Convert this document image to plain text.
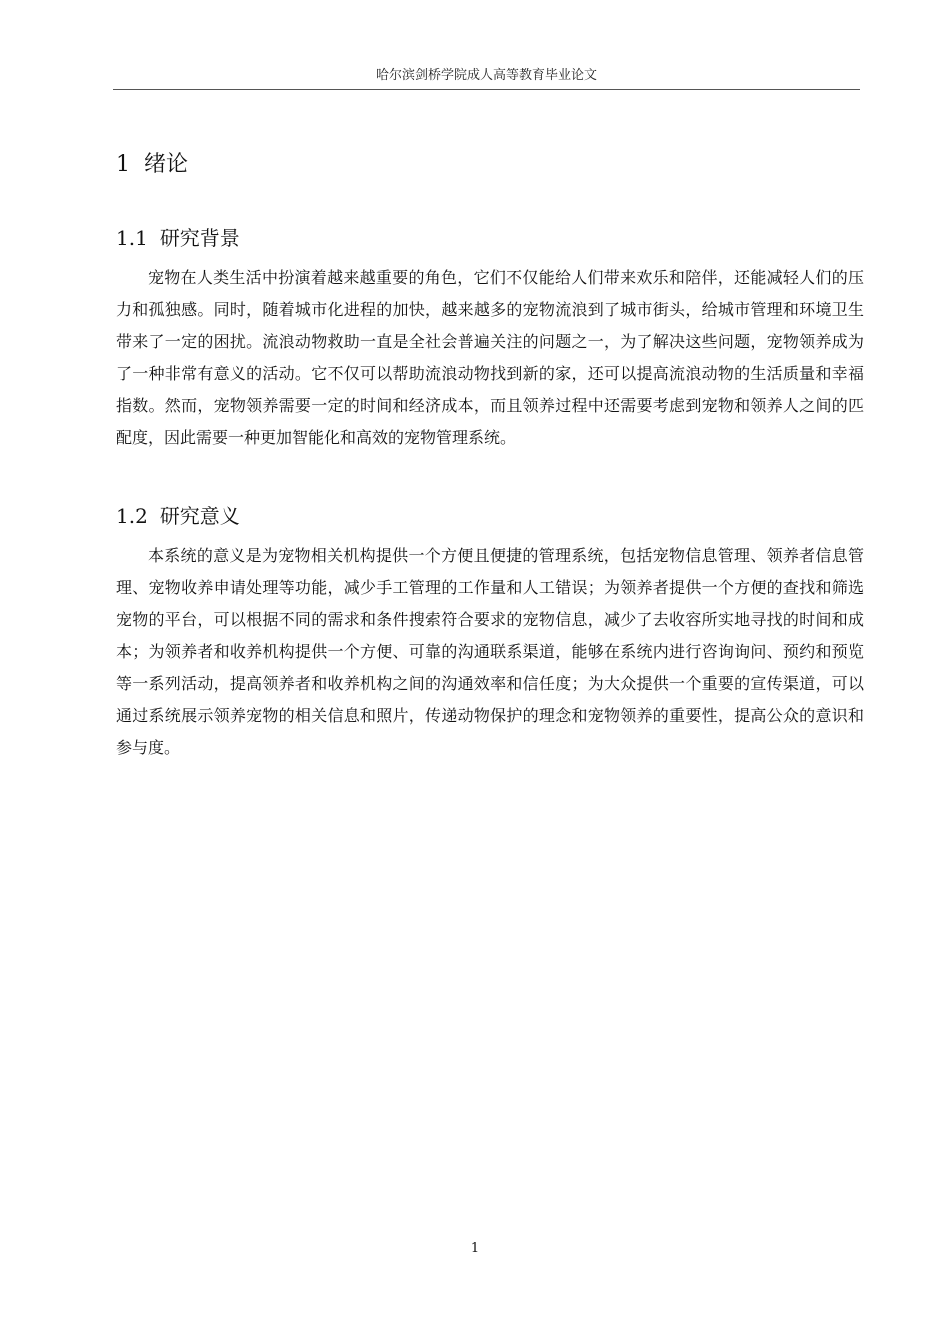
哈尔滨剑桥学院成人高等教育毕业论文
1 绪论
1.1 研究背景

宠物在人类生活中扮演着越来越重要的角色，它们不仅能给人们带来欢乐和陪伴，还能减轻人们的压力和孤独感。同时，随着城市化进程的加快，越来越多的宠物流浪到了城市街头，给城市管理和环境卫生带来了一定的困扰。流浪动物救助一直是全社会普遍关注的问题之一，为了解决这些问题，宠物领养成为了一种非常有意义的活动。它不仅可以帮助流浪动物找到新的家，还可以提高流浪动物的生活质量和幸福指数。然而，宠物领养需要一定的时间和经济成本，而且领养过程中还需要考虑到宠物和领养人之间的匹配度，因此需要一种更加智能化和高效的宠物管理系统。

1.2 研究意义

本系统的意义是为宠物相关机构提供一个方便且便捷的管理系统，包括宠物信息管理、领养者信息管理、宠物收养申请处理等功能，减少手工管理的工作量和人工错误；为领养者提供一个方便的查找和筛选宠物的平台，可以根据不同的需求和条件搜索符合要求的宠物信息，减少了去收容所实地寻找的时间和成本；为领养者和收养机构提供一个方便、可靠的沟通联系渠道，能够在系统内进行咨询询问、预约和预览等一系列活动，提高领养者和收养机构之间的沟通效率和信任度；为大众提供一个重要的宣传渠道，可以通过系统展示领养宠物的相关信息和照片，传递动物保护的理念和宠物领养的重要性，提高公众的意识和参与度。

1
